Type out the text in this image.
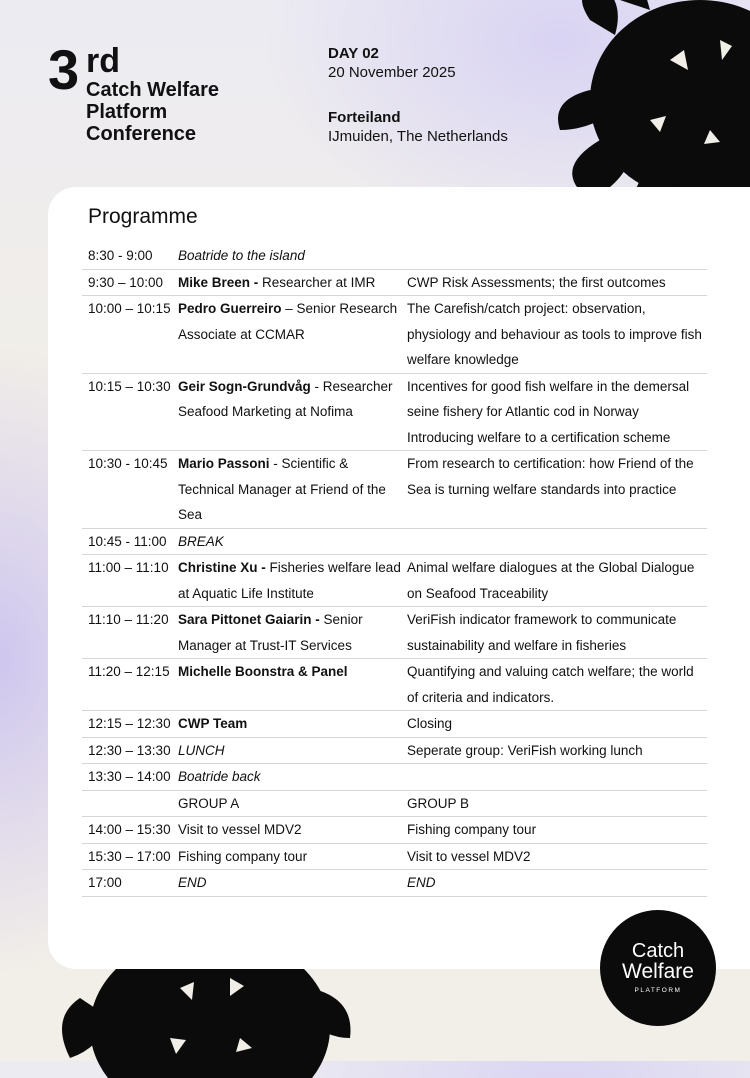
3 rd
Catch Welfare
Platform
Conference
DAY 02
20 November 2025
Forteiland
IJmuiden, The Netherlands
Programme
8:30 - 9:00	Boatride to the island	
9:30 – 10:00	Mike Breen - Researcher at IMR	CWP Risk Assessments; the first outcomes
10:00 – 10:15	Pedro Guerreiro – Senior Research Associate at CCMAR	The Carefish/catch project: observation, physiology and behaviour as tools to improve fish welfare knowledge
10:15 – 10:30	Geir Sogn-Grundvåg - Researcher Seafood Marketing at Nofima	Incentives for good fish welfare in the demersal seine fishery for Atlantic cod in Norway Introducing welfare to a certification scheme
10:30 - 10:45	Mario Passoni - Scientific & Technical Manager at Friend of the Sea	From research to certification: how Friend of the Sea is turning welfare standards into practice
10:45 - 11:00	BREAK	
11:00 – 11:10	Christine Xu - Fisheries welfare lead at Aquatic Life Institute	Animal welfare dialogues at the Global Dialogue on Seafood Traceability
11:10 – 11:20	Sara Pittonet Gaiarin - Senior Manager at Trust-IT Services	VeriFish indicator framework to communicate sustainability and welfare in fisheries
11:20 – 12:15	Michelle Boonstra & Panel	Quantifying and valuing catch welfare; the world of criteria and indicators.
12:15 – 12:30	CWP Team	Closing
12:30 – 13:30	LUNCH	Seperate group: VeriFish working lunch
13:30 – 14:00	Boatride back	
	GROUP A	GROUP B
14:00 – 15:30	Visit to vessel MDV2	Fishing company tour
15:30 – 17:00	Fishing company tour	Visit to vessel MDV2
17:00	END	END
Catch
Welfare
PLATFORM
